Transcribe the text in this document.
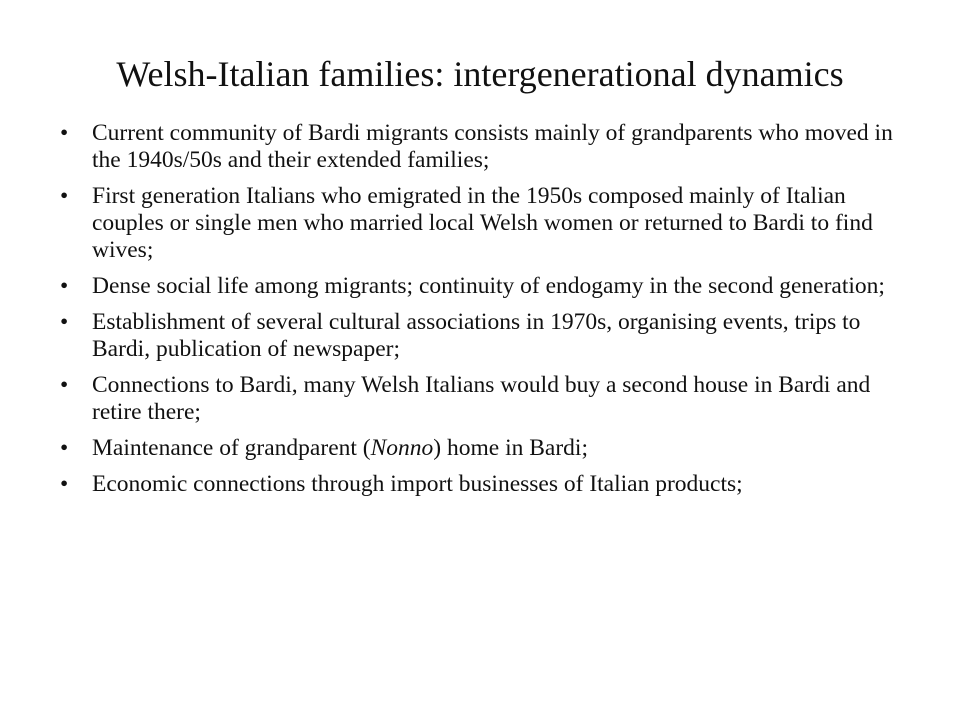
Welsh-Italian families: intergenerational dynamics
•	Current community of Bardi migrants consists mainly of grandparents who moved in the 1940s/50s and their extended families;
•	First generation Italians who emigrated in the 1950s composed mainly of Italian couples or single men who married local Welsh women or returned to Bardi to find wives;
•	Dense social life among migrants; continuity of endogamy in the second generation;
•	Establishment of several cultural associations in 1970s, organising events, trips to Bardi, publication of newspaper;
•	Connections to Bardi, many Welsh Italians would buy a second house in Bardi and retire there;
•	Maintenance of grandparent (Nonno) home in Bardi;
•	Economic connections through import businesses of Italian products;
